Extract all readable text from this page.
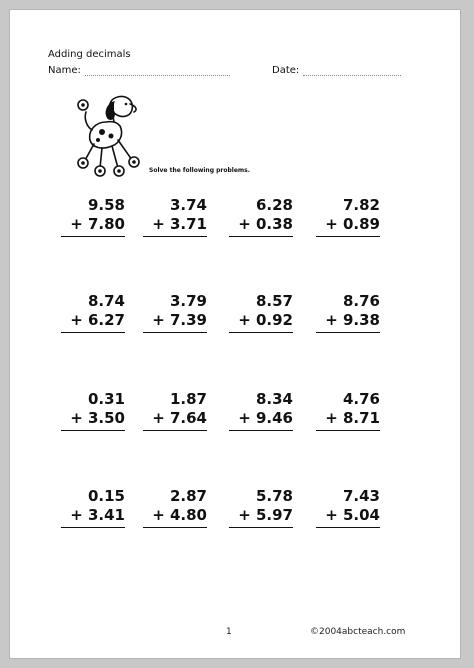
Adding decimals
Name:	Date:
Solve the following problems.
9.58
+ 7.80
3.74
+ 3.71
6.28
+ 0.38
7.82
+ 0.89
8.74
+ 6.27
3.79
+ 7.39
8.57
+ 0.92
8.76
+ 9.38
0.31
+ 3.50
1.87
+ 7.64
8.34
+ 9.46
4.76
+ 8.71
0.15
+ 3.41
2.87
+ 4.80
5.78
+ 5.97
7.43
+ 5.04
1	©2004abcteach.com
